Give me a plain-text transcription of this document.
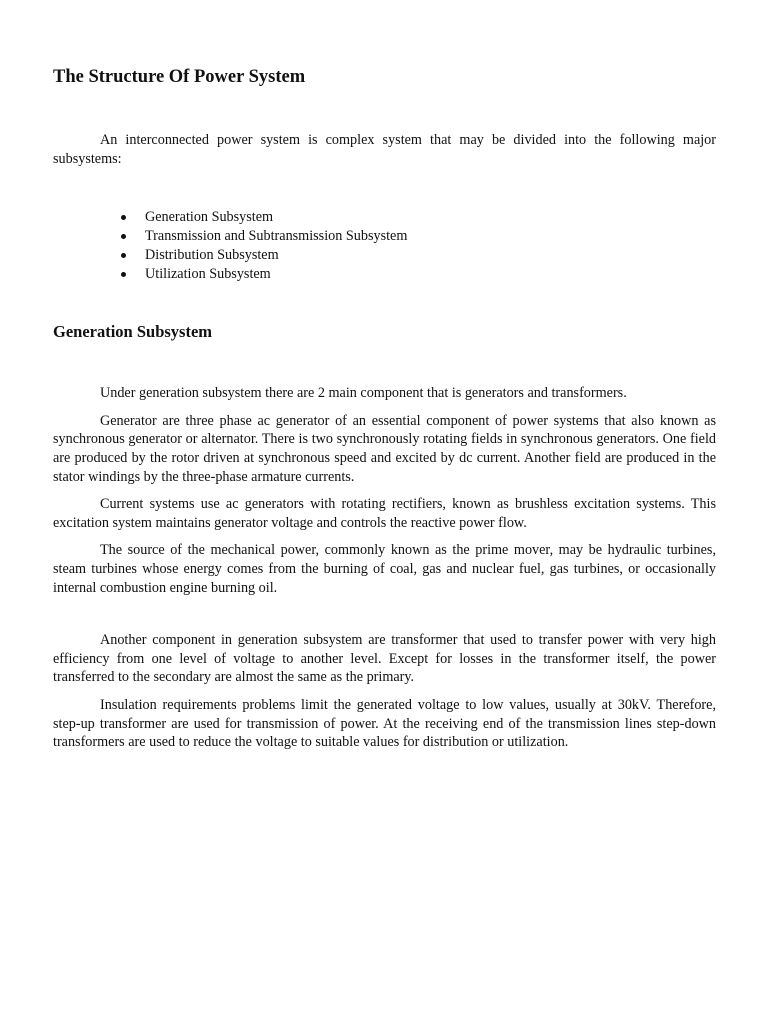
The Structure Of Power System

An interconnected power system is complex system that may be divided into the following major subsystems:

Generation Subsystem
Transmission and Subtransmission Subsystem
Distribution Subsystem
Utilization Subsystem
Generation Subsystem

Under generation subsystem there are 2 main component that is generators and transformers.

Generator are three phase ac generator of an essential component of power systems that also known as synchronous generator or alternator. There is two synchronously rotating fields in synchronous generators. One field are produced by the rotor driven at synchronous speed and excited by dc current. Another field are produced in the stator windings by the three-phase armature currents.

Current systems use ac generators with rotating rectifiers, known as brushless excitation systems. This excitation system maintains generator voltage and controls the reactive power flow.

The source of the mechanical power, commonly known as the prime mover, may be hydraulic turbines, steam turbines whose energy comes from the burning of coal, gas and nuclear fuel, gas turbines, or occasionally internal combustion engine burning oil.

Another component in generation subsystem are transformer that used to transfer power with very high efficiency from one level of voltage to another level. Except for losses in the transformer itself, the power transferred to the secondary are almost the same as the primary.

Insulation requirements problems limit the generated voltage to low values, usually at 30kV. Therefore, step-up transformer are used for transmission of power. At the receiving end of the transmission lines step-down transformers are used to reduce the voltage to suitable values for distribution or utilization.
